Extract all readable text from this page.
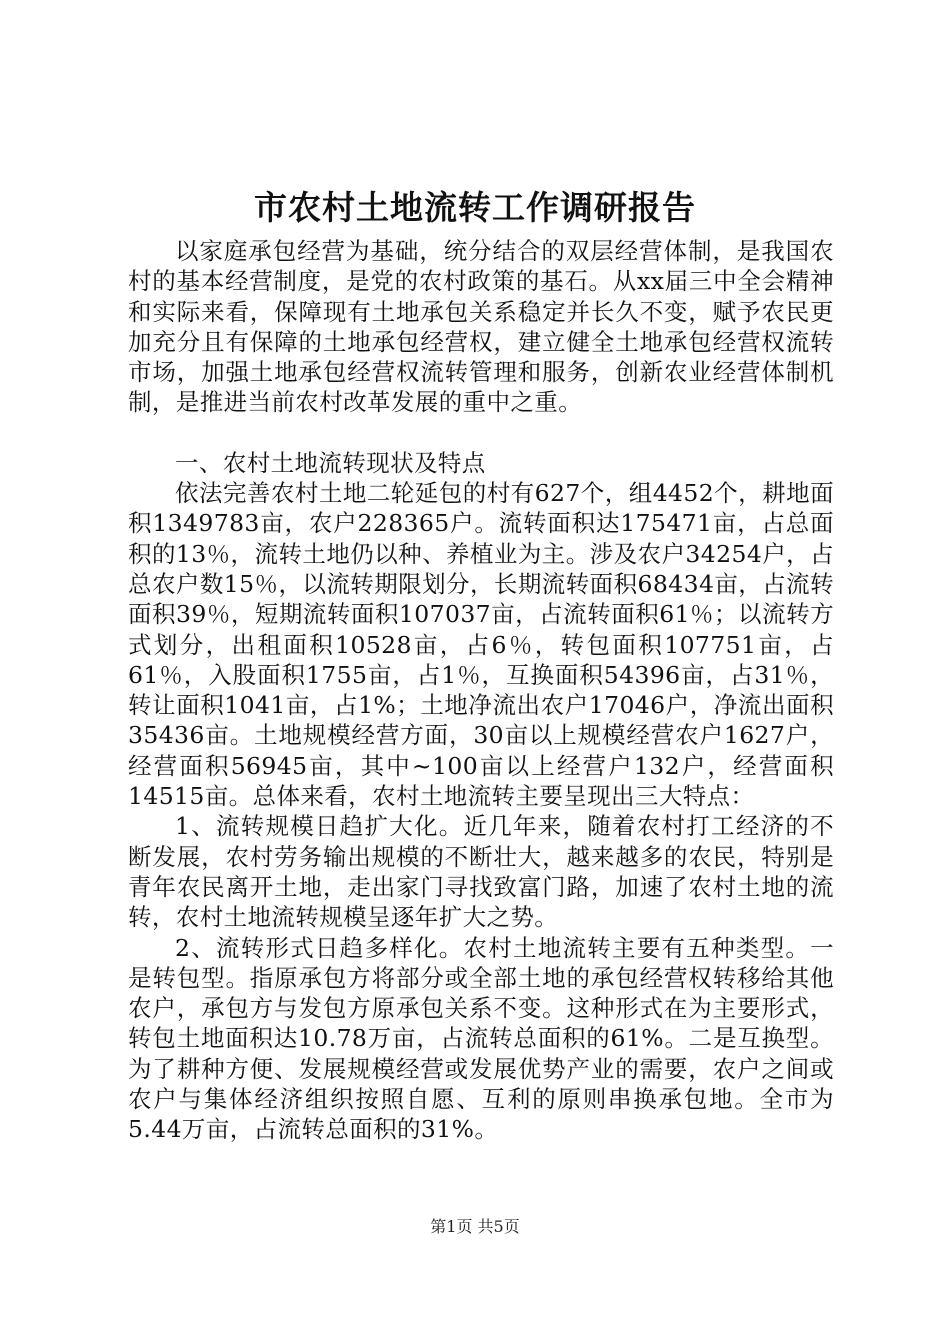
市农村土地流转工作调研报告

以家庭承包经营为基础，统分结合的双层经营体制，是我国农村的基本经营制度，是党的农村政策的基石。从xx届三中全会精神和实际来看，保障现有土地承包关系稳定并长久不变，赋予农民更加充分且有保障的土地承包经营权，建立健全土地承包经营权流转市场，加强土地承包经营权流转管理和服务，创新农业经营体制机制，是推进当前农村改革发展的重中之重。

一、农村土地流转现状及特点

依法完善农村土地二轮延包的村有627个，组4452个，耕地面积1349783亩，农户228365户。流转面积达175471亩，占总面积的13％，流转土地仍以种、养植业为主。涉及农户34254户，占总农户数15％，以流转期限划分，长期流转面积68434亩，占流转面积39％，短期流转面积107037亩，占流转面积61％；以流转方式划分，出租面积10528亩，占6％，转包面积107751亩，占61％，入股面积1755亩，占1％，互换面积54396亩，占31％，转让面积1041亩，占1%；土地净流出农户17046户，净流出面积35436亩。土地规模经营方面，30亩以上规模经营农户1627户，经营面积56945亩，其中~100亩以上经营户132户，经营面积14515亩。总体来看，农村土地流转主要呈现出三大特点：

1、流转规模日趋扩大化。近几年来，随着农村打工经济的不断发展，农村劳务输出规模的不断壮大，越来越多的农民，特别是青年农民离开土地，走出家门寻找致富门路，加速了农村土地的流转，农村土地流转规模呈逐年扩大之势。

2、流转形式日趋多样化。农村土地流转主要有五种类型。一是转包型。指原承包方将部分或全部土地的承包经营权转移给其他农户，承包方与发包方原承包关系不变。这种形式在为主要形式，转包土地面积达10.78万亩，占流转总面积的61%。二是互换型。为了耕种方便、发展规模经营或发展优势产业的需要，农户之间或农户与集体经济组织按照自愿、互利的原则串换承包地。全市为5.44万亩，占流转总面积的31%。

第1页 共5页
